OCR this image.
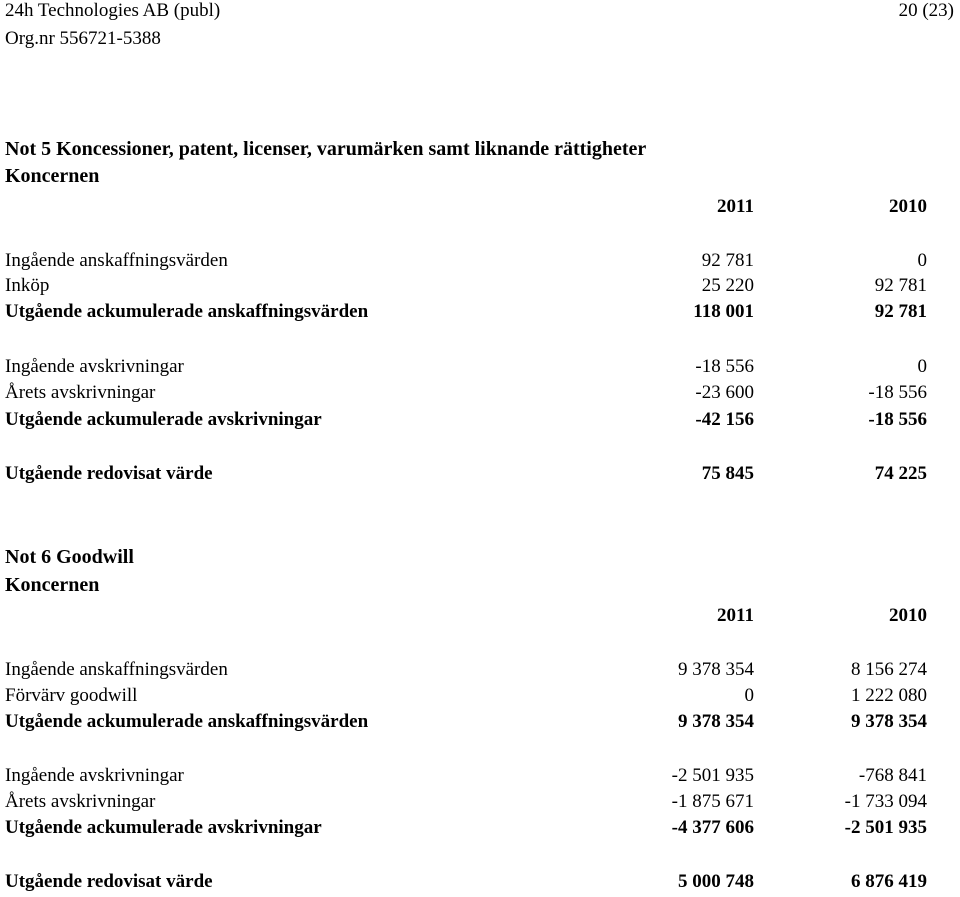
24h Technologies AB (publ)
Org.nr 556721-5388
20 (23)
Not 5 Koncessioner, patent, licenser, varumärken samt liknande rättigheter
Koncernen
2011	2010
Ingående anskaffningsvärden	92 781	0
Inköp	25 220	92 781
Utgående ackumulerade anskaffningsvärden	118 001	92 781
Ingående avskrivningar	-18 556	0
Årets avskrivningar	-23 600	-18 556
Utgående ackumulerade avskrivningar	-42 156	-18 556
Utgående redovisat värde	75 845	74 225
Not 6 Goodwill
Koncernen
2011	2010
Ingående anskaffningsvärden	9 378 354	8 156 274
Förvärv goodwill	0	1 222 080
Utgående ackumulerade anskaffningsvärden	9 378 354	9 378 354
Ingående avskrivningar	-2 501 935	-768 841
Årets avskrivningar	-1 875 671	-1 733 094
Utgående ackumulerade avskrivningar	-4 377 606	-2 501 935
Utgående redovisat värde	5 000 748	6 876 419
